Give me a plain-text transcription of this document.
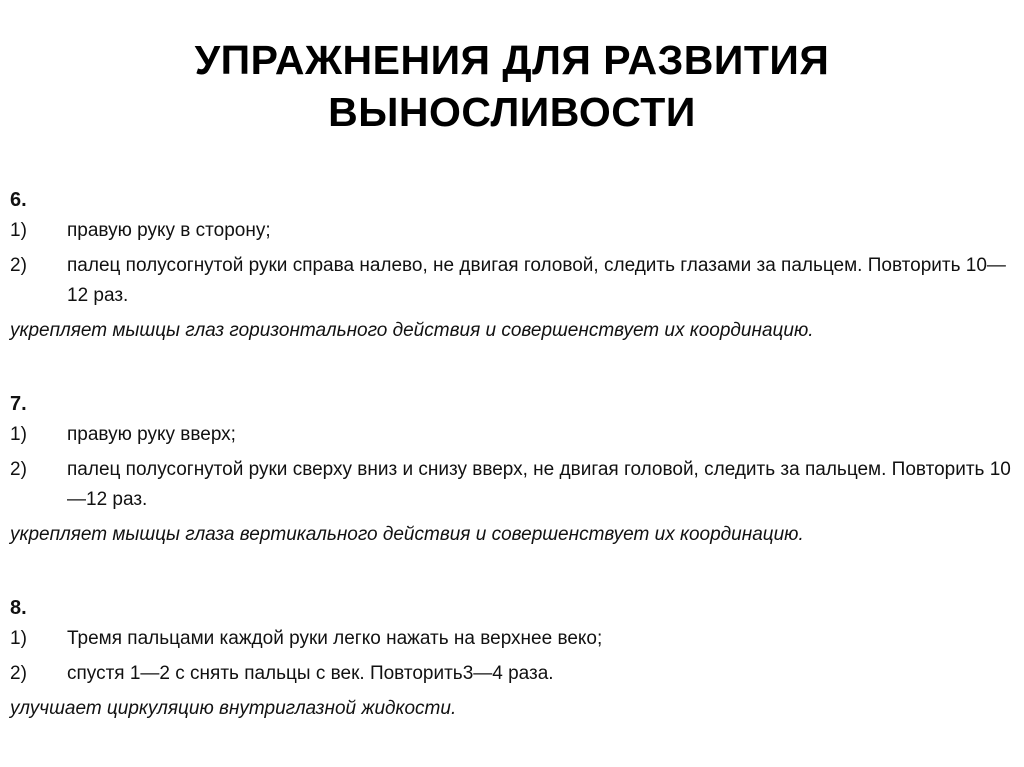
УПРАЖНЕНИЯ ДЛЯ РАЗВИТИЯ
ВЫНОСЛИВОСТИ
6.
1)	правую руку в сторону;
2)	палец полусогнутой руки справа налево, не двигая головой, следить глазами за пальцем. Повторить 10—12 раз.
укрепляет мышцы глаз горизонтального действия и совершенствует их координацию.
7.
1)	правую руку вверх;
2)	палец полусогнутой руки сверху вниз и снизу вверх, не двигая головой, следить за пальцем. Повторить 10—12 раз.
укрепляет мышцы глаза вертикального действия и совершенствует их координацию.
8.
1)	Тремя пальцами каждой руки легко нажать на верхнее веко;
2)	спустя 1—2 с снять пальцы с век. Повторить3—4 раза.
улучшает циркуляцию внутриглазной жидкости.
